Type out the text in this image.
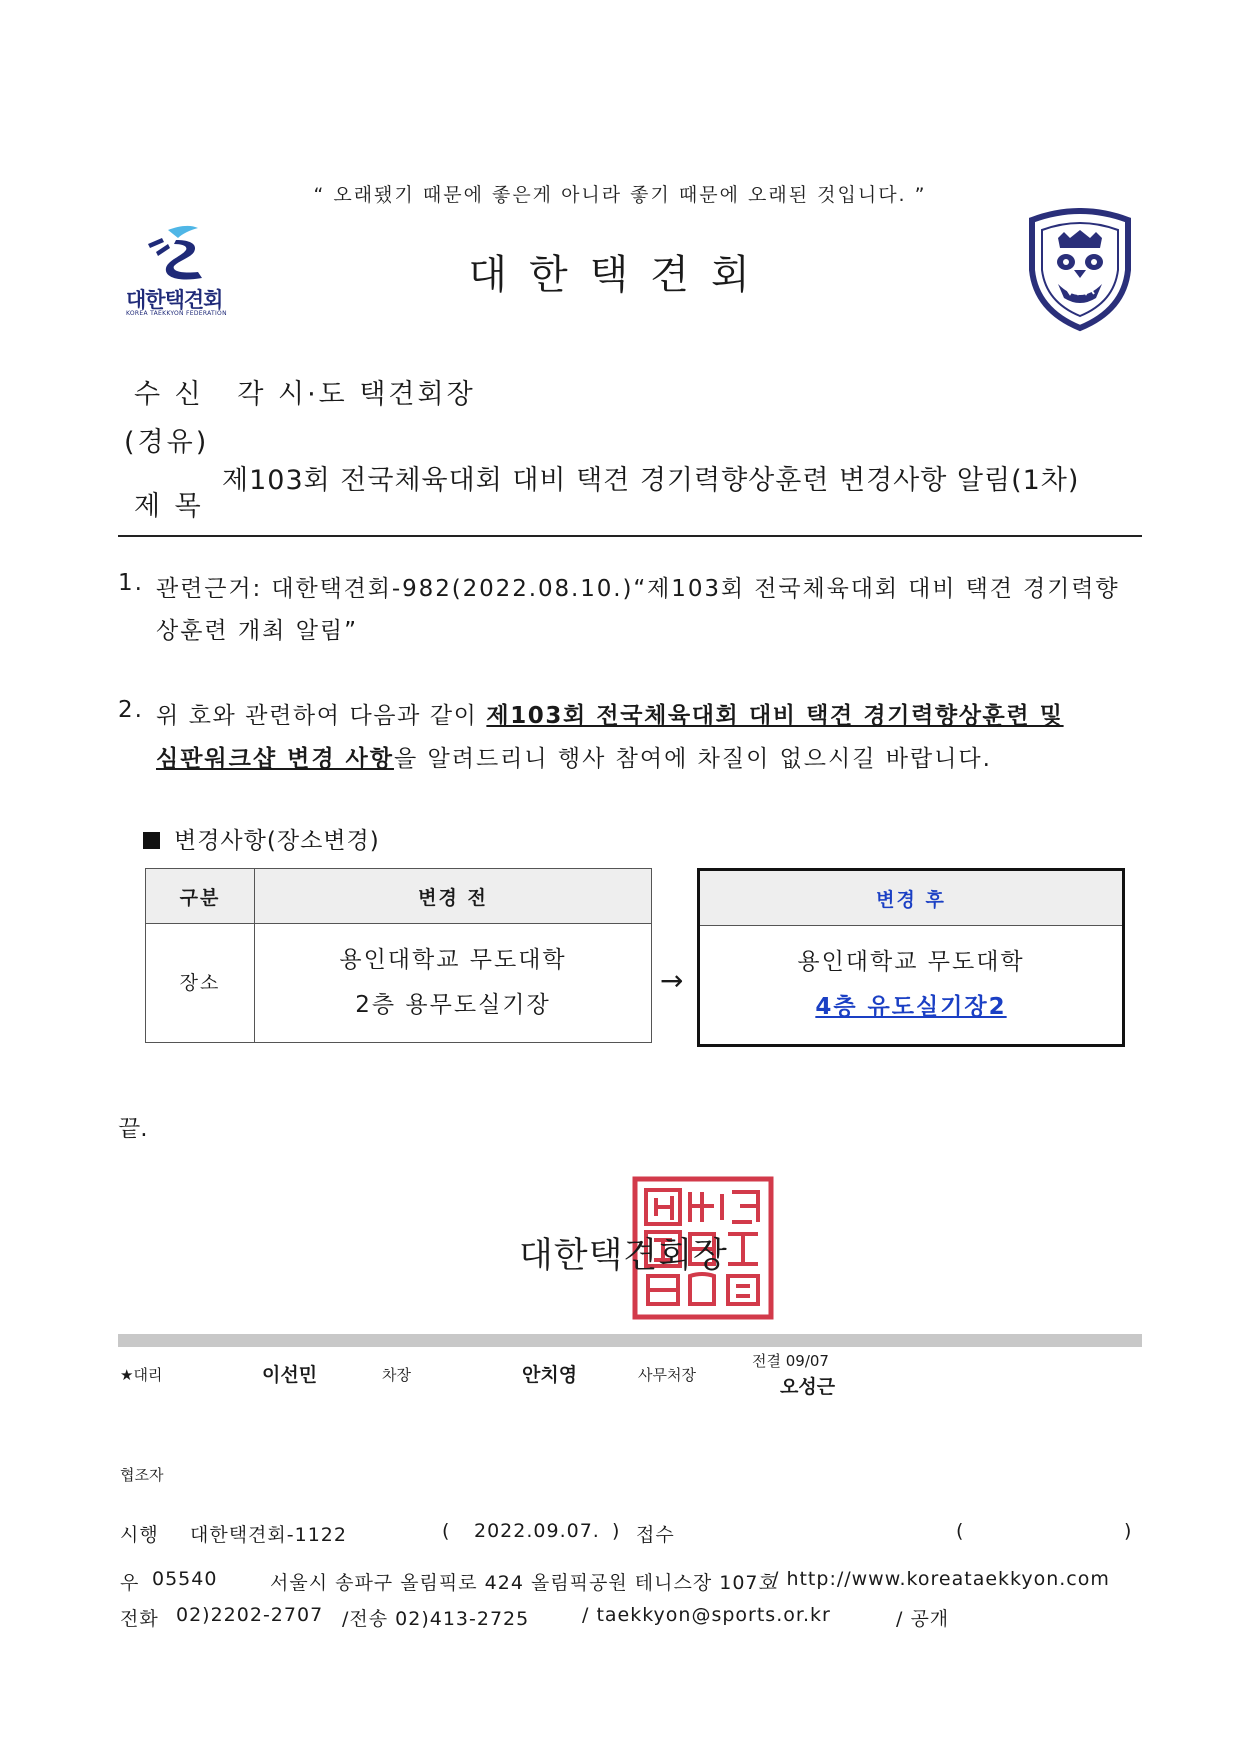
“ 오래됐기 때문에 좋은게 아니라 좋기 때문에 오래된 것입니다. ”
대한택견회
KOREA TAEKKYON FEDERATION
대한택견회
수 신 각 시·도 택견회장
(경유)
제 목
제103회 전국체육대회 대비 택견 경기력향상훈련 변경사항 알림(1차)
1. 관련근거: 대한택견회-982(2022.08.10.)“제103회 전국체육대회 대비 택견 경기력향
상훈련 개최 알림”
2. 위 호와 관련하여 다음과 같이 제103회 전국체육대회 대비 택견 경기력향상훈련 및
심판워크샵 변경 사항을 알려드리니 행사 참여에 차질이 없으시길 바랍니다.
변경사항(장소변경)
구분	변경 전
장소	용인대학교 무도대학
2층 용무도실기장
→
변경 후

용인대학교 무도대학
4층 유도실기장2
끝.
대한택견회장
★대리	이선민	차장	안치영	사무처장
전결 09/07
오성근
협조자
시행 대한택견회-1122	( 2022.09.07. ) 접수	(	)
우 05540	서울시 송파구 올림픽로 424 올림픽공원 테니스장 107호
/ http://www.koreataekkyon.com
전화 02)2202-2707 /전송 02)413-2725	/ taekkyon@sports.or.kr	/ 공개
